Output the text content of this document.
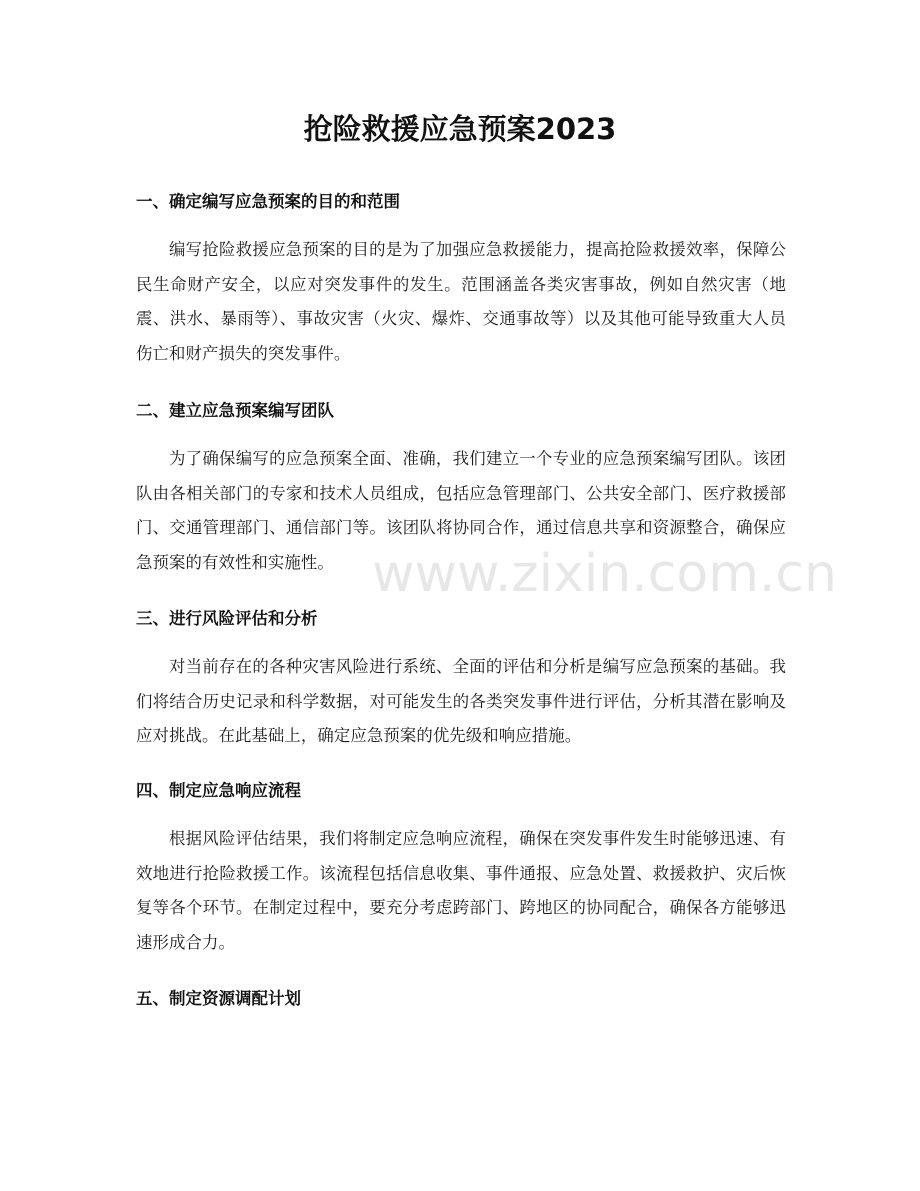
抢险救援应急预案2023
一、确定编写应急预案的目的和范围

编写抢险救援应急预案的目的是为了加强应急救援能力，提高抢险救援效率，保障公民生命财产安全，以应对突发事件的发生。范围涵盖各类灾害事故，例如自然灾害（地震、洪水、暴雨等）、事故灾害（火灾、爆炸、交通事故等）以及其他可能导致重大人员伤亡和财产损失的突发事件。

二、建立应急预案编写团队

为了确保编写的应急预案全面、准确，我们建立一个专业的应急预案编写团队。该团队由各相关部门的专家和技术人员组成，包括应急管理部门、公共安全部门、医疗救援部门、交通管理部门、通信部门等。该团队将协同合作，通过信息共享和资源整合，确保应急预案的有效性和实施性。

三、进行风险评估和分析

对当前存在的各种灾害风险进行系统、全面的评估和分析是编写应急预案的基础。我们将结合历史记录和科学数据，对可能发生的各类突发事件进行评估，分析其潜在影响及应对挑战。在此基础上，确定应急预案的优先级和响应措施。

四、制定应急响应流程

根据风险评估结果，我们将制定应急响应流程，确保在突发事件发生时能够迅速、有效地进行抢险救援工作。该流程包括信息收集、事件通报、应急处置、救援救护、灾后恢复等各个环节。在制定过程中，要充分考虑跨部门、跨地区的协同配合，确保各方能够迅速形成合力。

五、制定资源调配计划
www.zixin.com.cn
